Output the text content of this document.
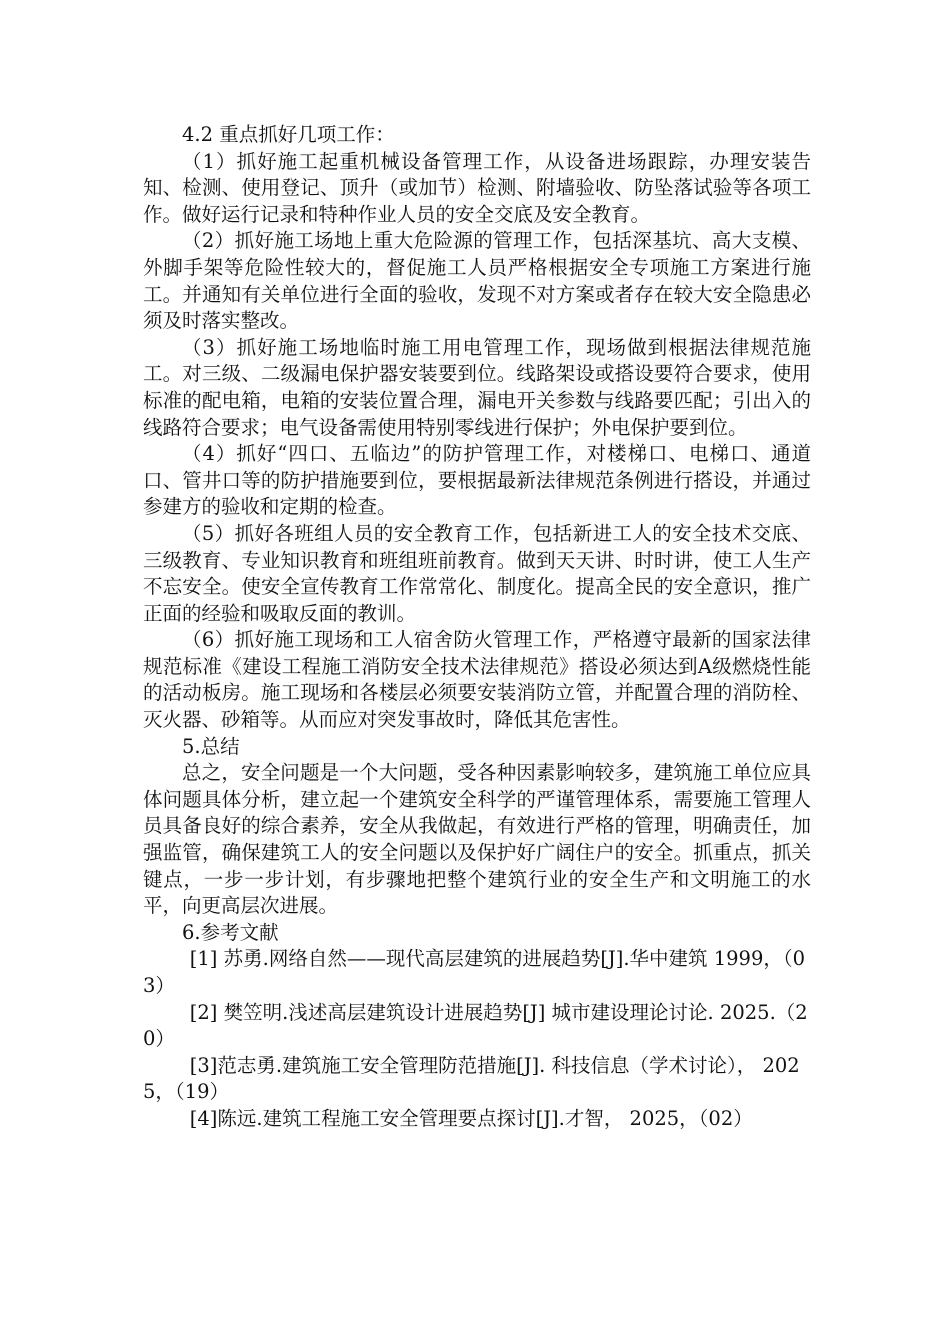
4.2 重点抓好几项工作：

（1）抓好施工起重机械设备管理工作，从设备进场跟踪，办理安装告知、检测、使用登记、顶升（或加节）检测、附墙验收、防坠落试验等各项工作。做好运行记录和特种作业人员的安全交底及安全教育。

（2）抓好施工场地上重大危险源的管理工作，包括深基坑、高大支模、外脚手架等危险性较大的，督促施工人员严格根据安全专项施工方案进行施工。并通知有关单位进行全面的验收，发现不对方案或者存在较大安全隐患必须及时落实整改。

（3）抓好施工场地临时施工用电管理工作，现场做到根据法律规范施工。对三级、二级漏电保护器安装要到位。线路架设或搭设要符合要求，使用标准的配电箱，电箱的安装位置合理，漏电开关参数与线路要匹配；引出入的线路符合要求；电气设备需使用特别零线进行保护；外电保护要到位。

（4）抓好“四口、五临边”的防护管理工作，对楼梯口、电梯口、通道口、管井口等的防护措施要到位，要根据最新法律规范条例进行搭设，并通过参建方的验收和定期的检查。

（5）抓好各班组人员的安全教育工作，包括新进工人的安全技术交底、三级教育、专业知识教育和班组班前教育。做到天天讲、时时讲，使工人生产不忘安全。使安全宣传教育工作常常化、制度化。提高全民的安全意识，推广正面的经验和吸取反面的教训。

（6）抓好施工现场和工人宿舍防火管理工作，严格遵守最新的国家法律规范标准《建设工程施工消防安全技术法律规范》搭设必须达到A级燃烧性能的活动板房。施工现场和各楼层必须要安装消防立管，并配置合理的消防栓、灭火器、砂箱等。从而应对突发事故时，降低其危害性。

5.总结

总之，安全问题是一个大问题，受各种因素影响较多，建筑施工单位应具体问题具体分析，建立起一个建筑安全科学的严谨管理体系，需要施工管理人员具备良好的综合素养，安全从我做起，有效进行严格的管理，明确责任，加强监管，确保建筑工人的安全问题以及保护好广阔住户的安全。抓重点，抓关键点，一步一步计划，有步骤地把整个建筑行业的安全生产和文明施工的水平，向更高层次进展。

6.参考文献

[1] 苏勇.网络自然——现代高层建筑的进展趋势[J].华中建筑 1999，（03）

[2] 樊笠明.浅述高层建筑设计进展趋势[J] 城市建设理论讨论. 2025.（20）

[3]范志勇.建筑施工安全管理防范措施[J]. 科技信息（学术讨论）， 2025，（19）

[4]陈远.建筑工程施工安全管理要点探讨[J].才智， 2025，（02）
